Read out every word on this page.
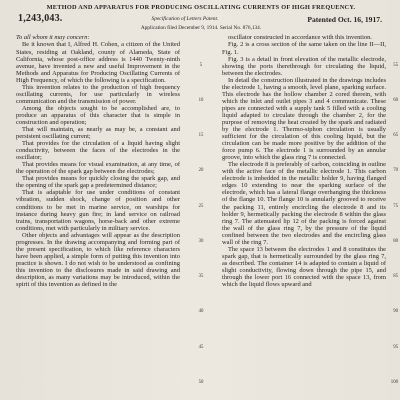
METHOD AND APPARATUS FOR PRODUCING OSCILLATING CURRENTS OF HIGH FREQUENCY.
1,243,043.	Specification of Letters Patent.	Patented Oct. 16, 1917.
Application filed December 9, 1914. Serial No. 876,134.

To all whom it may concern:

Be it known that I, Alfred H. Cohen, a citizen of the United States, residing at Oakland, county of Alameda, State of California, whose post-office address is 1440 Twenty-ninth avenue, have invented a new and useful Improvement in the Methods and Apparatus for Producing Oscillating Currents of High Frequency, of which the following is a specification.

This invention relates to the production of high frequency oscillating currents, for use particularly in wireless communication and the transmission of power.

Among the objects sought to be accomplished are, to produce an apparatus of this character that is simple in construction and operation;

That will maintain, as nearly as may be, a constant and persistent oscillating current;

That provides for the circulation of a liquid having slight conductivity, between the faces of the electrodes in the oscillator;

That provides means for visual examination, at any time, of the operation of the spark gap between the electrodes;

That provides means for quickly closing the spark gap, and the opening of the spark gap a predetermined distance;

That is adaptable for use under conditions of constant vibration, sudden shock, change of position and other conditions to be met in marine service, on warships for instance during heavy gun fire; in land service on railroad trains, transportation wagons, horse-back and other extreme conditions, met with particularly in military service.

Other objects and advantages will appear as the description progresses. In the drawing accompanying and forming part of the present specification, to which like reference characters have been applied, a simple form of putting this invention into practice is shown. I do not wish to be understood as confining this invention to the disclosures made in said drawing and description, as many variations may be introduced, within the spirit of this invention as defined in the

5
10
15
20
25
30
35
40
45
50

oscillator constructed in accordance with this invention.

Fig. 2 is a cross section of the same taken on the line II—II, Fig. 1.

Fig. 3 is a detail in front elevation of the metallic electrode, showing the ports therethrough for circulating the liquid, between the electrodes.

In detail the construction illustrated in the drawings includes the electrode 1, having a smooth, level plane, sparking surface. This electrode has the hollow chamber 2 cored therein, with which the inlet and outlet pipes 3 and 4 communicate. These pipes are connected with a supply tank 5 filled with a cooling liquid adapted to circulate through the chamber 2, for the purpose of removing the heat created by the spark and radiated by the electrode 1. Thermo-siphon circulation is usually sufficient for the circulation of this cooling liquid, but the circulation can be made more positive by the addition of the force pump 6. The electrode 1 is surrounded by an annular groove, into which the glass ring 7 is connected.

The electrode 8 is preferably of carbon, coinciding in outline with the active face of the metallic electrode 1. This carbon electrode is imbedded in the metallic holder 9, having flanged edges 10 extending to near the sparking surface of the electrode, which has a lateral flange overhanging the thickness of the flange 10. The flange 10 is annularly grooved to receive the packing 11, entirely encircling the electrode 8 and its holder 9, hermetically packing the electrode 8 within the glass ring 7. The attenuated lip 12 of the packing is forced against the wall of the glass ring 7, by the pressure of the liquid confined between the two electrodes and the encircling glass wall of the ring 7.

The space 13 between the electrodes 1 and 8 constitutes the spark gap, that is hermetically surrounded by the glass ring 7, as described. The container 14 is adapted to contain a liquid of slight conductivity, flowing down through the pipe 15, and through the lower port 16 connected with the space 13, from which the liquid flows upward and

55
60
65
70
75
80
85
90
95
100
